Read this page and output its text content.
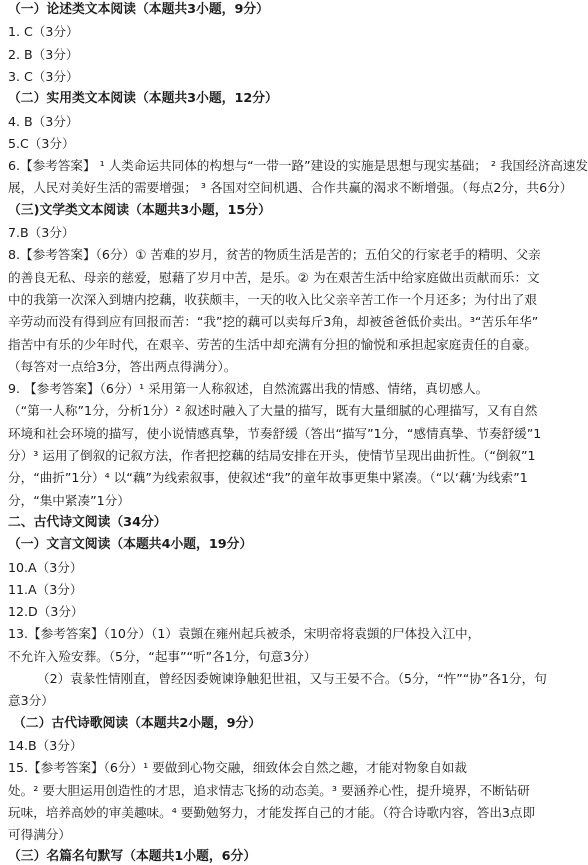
（一）论述类文本阅读（本题共3小题，9分）
1. C（3分）
2. B（3分）
3. C（3分）
（二）实用类文本阅读（本题共3小题，12分）
4. B（3分）
5.C（3分）
6.【参考答案】 ¹ 人类命运共同体的构想与“一带一路”建设的实施是思想与现实基础； ² 我国经济高速发
展，人民对美好生活的需要增强； ³ 各国对空间机遇、合作共赢的渴求不断增强。（每点2分，共6分）
（三)文学类文本阅读（本题共3小题，15分）
7.B（3分）
8.【参考答案】（6分）① 苦难的岁月，贫苦的物质生活是苦的；五伯父的行家老手的精明、父亲
的善良无私、母亲的慈爱，慰藉了岁月中苦，是乐。② 为在艰苦生活中给家庭做出贡献而乐：文
中的我第一次深入到塘内挖藕，收获颇丰，一天的收入比父亲辛苦工作一个月还多；为付出了艰
辛劳动而没有得到应有回报而苦：“我”挖的藕可以卖每斤3角，却被爸爸低价卖出。³“苦乐年华”
指苦中有乐的少年时代，在艰辛、劳苦的生活中却充满有分担的愉悦和承担起家庭责任的自豪。
（每答对一点给3分，答出两点得满分）。
9. 【参考答案】（6分）¹ 采用第一人称叙述，自然流露出我的情感、情绪，真切感人。
（“第一人称”1分，分析1分）² 叙述时融入了大量的描写，既有大量细腻的心理描写，又有自然
环境和社会环境的描写，使小说情感真挚，节奏舒缓（答出“描写”1分，“感情真挚、节奏舒缓”1
分）³ 运用了倒叙的记叙方法，作者把挖藕的结局安排在开头，使情节呈现出曲折性。（“倒叙”1
分，“曲折”1分）⁴ 以“藕”为线索叙事，使叙述“我”的童年故事更集中紧凑。（“以‘藕’为线索”1
分，“集中紧凑”1分）
二、古代诗文阅读（34分）
（一）文言文阅读（本题共4小题，19分）
10.A（3分）
11.A（3分）
12.D（3分）
13.【参考答案】（10分）（1）袁顗在雍州起兵被杀，宋明帝将袁顗的尸体投入江中，
不允许入殓安葬。（5分，“起事”“听”各1分，句意3分）
（2）袁彖性情刚直，曾经因委婉谏诤触犯世祖，又与王晏不合。（5分，“忤”“协”各1分，句
意3分）
（二）古代诗歌阅读（本题共2小题，9分）
14.B（3分）
15.【参考答案】（6分）¹ 要做到心物交融，细致体会自然之趣，才能对物象自如裁
处。² 要大胆运用创造性的才思，追求情志飞扬的动态美。³ 要涵养心性，提升境界，不断钻研
玩味，培养高妙的审美趣味。⁴ 要勤勉努力，才能发挥自己的才能。（符合诗歌内容，答出3点即
可得满分）
（三）名篇名句默写（本题共1小题，6分）
